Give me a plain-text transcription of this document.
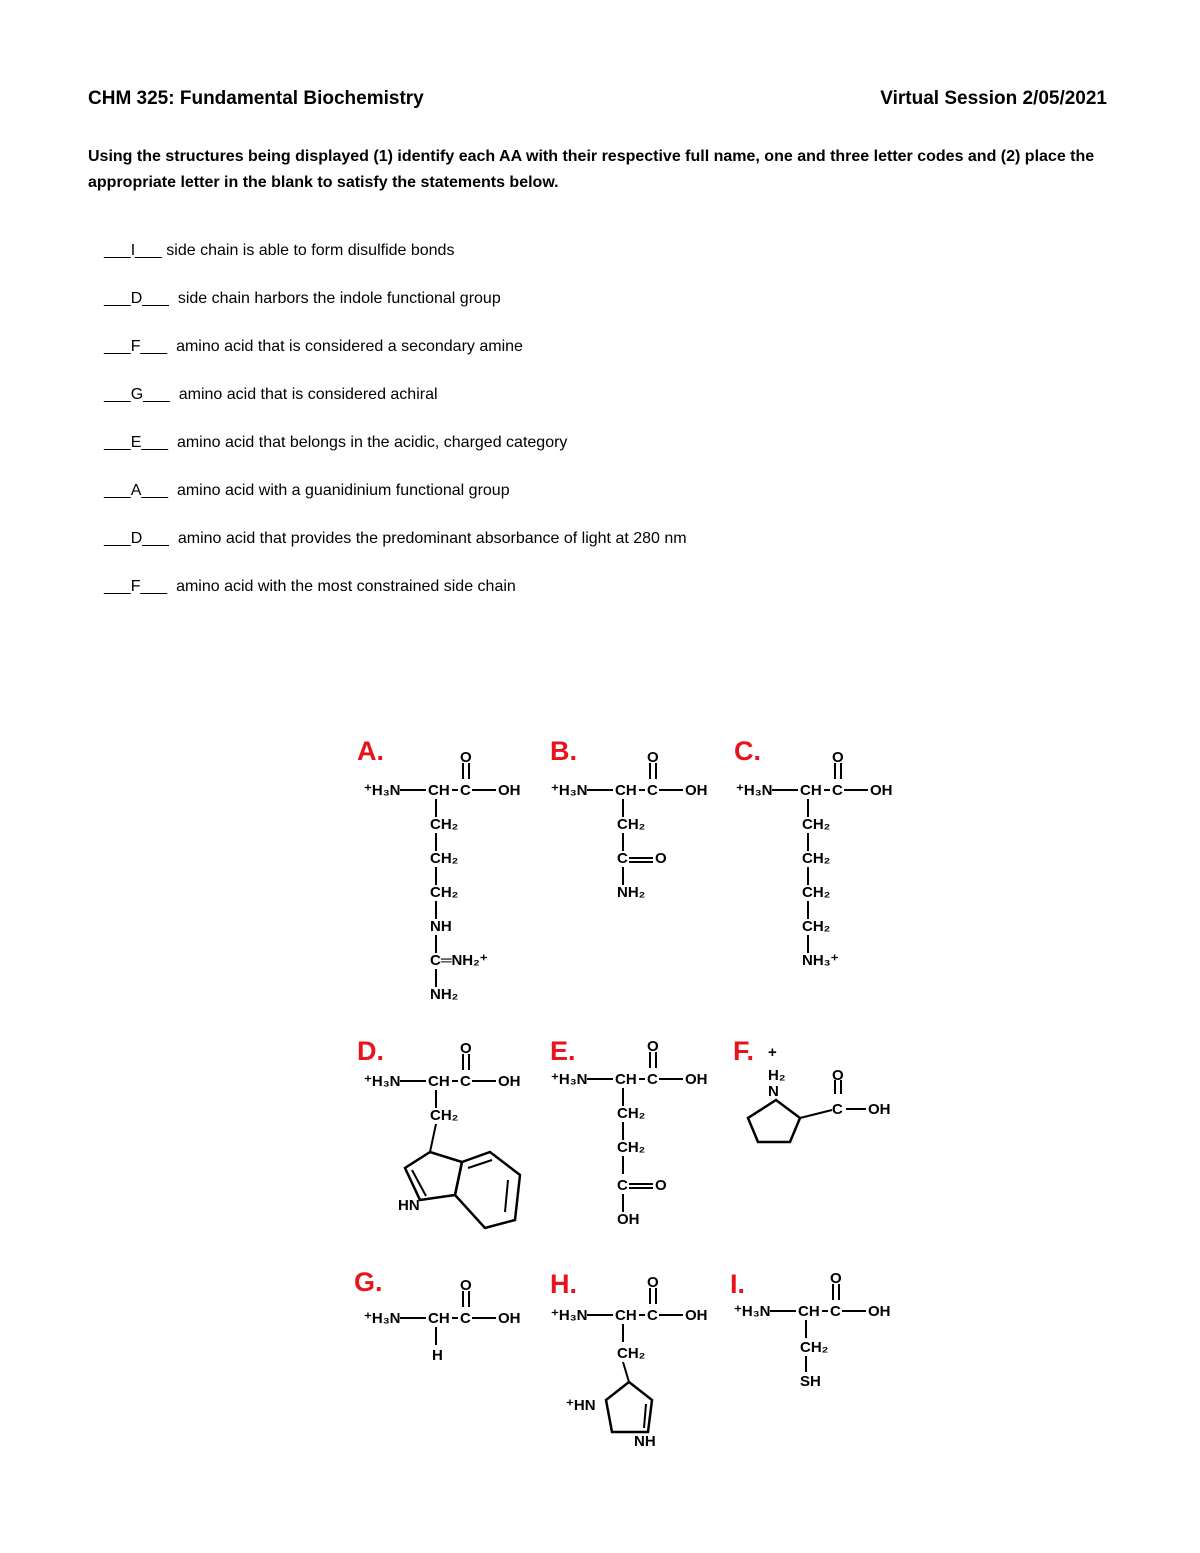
CHM 325: Fundamental Biochemistry	Virtual Session 2/05/2021
Using the structures being displayed (1) identify each AA with their respective full name, one and three letter codes and (2) place the appropriate letter in the blank to satisfy the statements below.
___I___ side chain is able to form disulfide bonds
___D___  side chain harbors the indole functional group
___F___  amino acid that is considered a secondary amine
___G___  amino acid that is considered achiral
___E___  amino acid that belongs in the acidic, charged category
___A___  amino acid with a guanidinium functional group
___D___  amino acid that provides the predominant absorbance of light at 280 nm
___F___  amino acid with the most constrained side chain
A.
⁺H₃N CH C OH
O
CH₂
CH₂
CH₂
NH
C═NH₂⁺
NH₂
B.
⁺H₃N CH C OH
O
CH₂
C O
NH₂
C.
⁺H₃N CH C OH
O
CH₂
CH₂
CH₂
CH₂
NH₃⁺
D.
⁺H₃N CH C OH
O
CH₂
HN
E.
⁺H₃N CH C OH
O
CH₂
CH₂
C O
OH
F. +
H₂
N
C
O
OH
G.
⁺H₃N CH C OH
O
H
H.
⁺H₃N CH C OH
O
CH₂
⁺HN
NH
I.
⁺H₃N CH C OH
O
CH₂
SH
